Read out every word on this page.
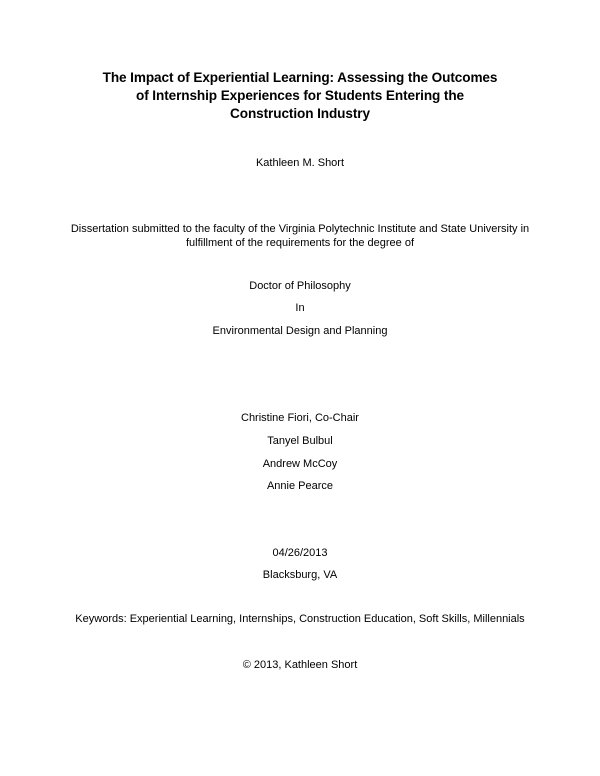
The Impact of Experiential Learning: Assessing the Outcomes
of Internship Experiences for Students Entering the
Construction Industry
Kathleen M. Short
Dissertation submitted to the faculty of the Virginia Polytechnic Institute and State University in
fulfillment of the requirements for the degree of
Doctor of Philosophy
In
Environmental Design and Planning
Christine Fiori, Co-Chair
Tanyel Bulbul
Andrew McCoy
Annie Pearce
04/26/2013
Blacksburg, VA
Keywords: Experiential Learning, Internships, Construction Education, Soft Skills, Millennials
© 2013, Kathleen Short
